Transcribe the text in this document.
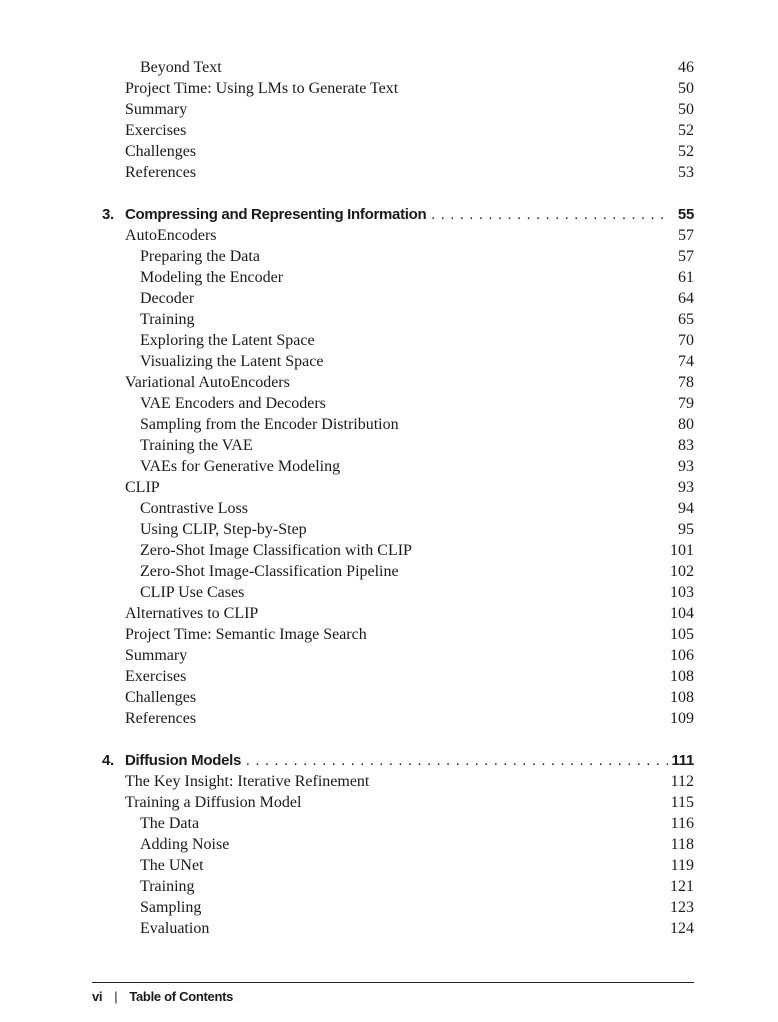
Beyond Text	46
Project Time: Using LMs to Generate Text	50
Summary	50
Exercises	52
Challenges	52
References	53
3. Compressing and Representing Information . . .	55
AutoEncoders	57
Preparing the Data	57
Modeling the Encoder	61
Decoder	64
Training	65
Exploring the Latent Space	70
Visualizing the Latent Space	74
Variational AutoEncoders	78
VAE Encoders and Decoders	79
Sampling from the Encoder Distribution	80
Training the VAE	83
VAEs for Generative Modeling	93
CLIP	93
Contrastive Loss	94
Using CLIP, Step-by-Step	95
Zero-Shot Image Classification with CLIP	101
Zero-Shot Image-Classification Pipeline	102
CLIP Use Cases	103
Alternatives to CLIP	104
Project Time: Semantic Image Search	105
Summary	106
Exercises	108
Challenges	108
References	109
4. Diffusion Models . . .	111
The Key Insight: Iterative Refinement	112
Training a Diffusion Model	115
The Data	116
Adding Noise	118
The UNet	119
Training	121
Sampling	123
Evaluation	124
vi | Table of Contents
